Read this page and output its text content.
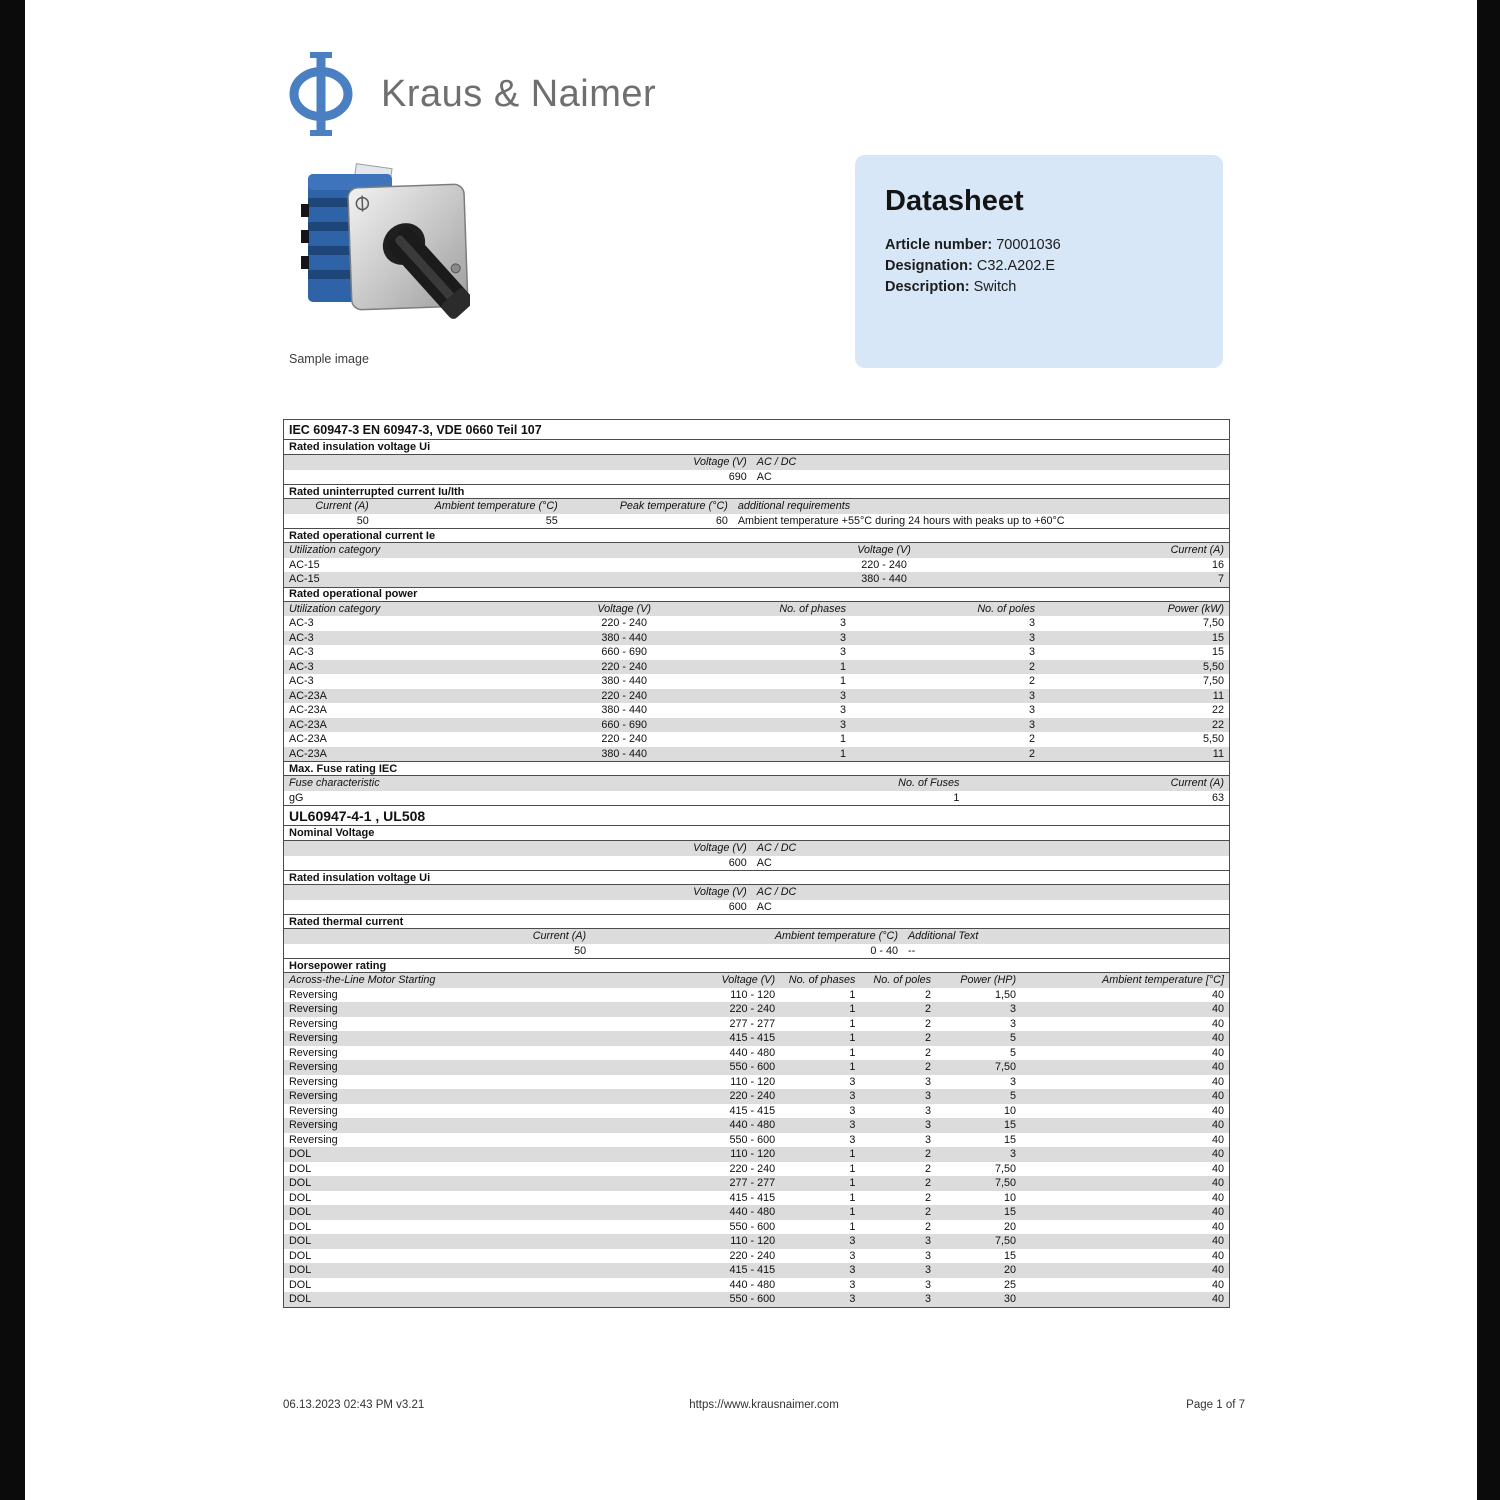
Kraus & Naimer
Sample image
Datasheet
Article number: 70001036
Designation: C32.A202.E
Description: Switch
IEC 60947-3 EN 60947-3, VDE 0660 Teil 107
Rated insulation voltage Ui
Voltage (V) AC / DC
690 AC
Rated uninterrupted current Iu/Ith
Current (A)	Ambient temperature (°C)	Peak temperature (°C) additional requirements
50	55	60 Ambient temperature +55°C during 24 hours with peaks up to +60°C
Rated operational current Ie
Utilization category	Voltage (V)	Current (A)
AC-15	220 - 240	16
AC-15	380 - 440	7
Rated operational power
Utilization category	Voltage (V)	No. of phases	No. of poles	Power (kW)
AC-3	220 - 240	3	3	7,50
AC-3	380 - 440	3	3	15
AC-3	660 - 690	3	3	15
AC-3	220 - 240	1	2	5,50
AC-3	380 - 440	1	2	7,50
AC-23A	220 - 240	3	3	11
AC-23A	380 - 440	3	3	22
AC-23A	660 - 690	3	3	22
AC-23A	220 - 240	1	2	5,50
AC-23A	380 - 440	1	2	11
Max. Fuse rating IEC
Fuse characteristic	No. of Fuses	Current (A)
gG	1	63
UL60947-4-1 , UL508
Nominal Voltage
Voltage (V) AC / DC
600 AC
Rated insulation voltage Ui
Voltage (V) AC / DC
600 AC
Rated thermal current
Current (A)	Ambient temperature (°C) Additional Text
50	0 - 40 --
Horsepower rating
Across-the-Line Motor Starting	Voltage (V)	No. of phases	No. of poles	Power (HP)	Ambient temperature [°C]
Reversing	110 - 120	1	2	1,50	40
Reversing	220 - 240	1	2	3	40
Reversing	277 - 277	1	2	3	40
Reversing	415 - 415	1	2	5	40
Reversing	440 - 480	1	2	5	40
Reversing	550 - 600	1	2	7,50	40
Reversing	110 - 120	3	3	3	40
Reversing	220 - 240	3	3	5	40
Reversing	415 - 415	3	3	10	40
Reversing	440 - 480	3	3	15	40
Reversing	550 - 600	3	3	15	40
DOL	110 - 120	1	2	3	40
DOL	220 - 240	1	2	7,50	40
DOL	277 - 277	1	2	7,50	40
DOL	415 - 415	1	2	10	40
DOL	440 - 480	1	2	15	40
DOL	550 - 600	1	2	20	40
DOL	110 - 120	3	3	7,50	40
DOL	220 - 240	3	3	15	40
DOL	415 - 415	3	3	20	40
DOL	440 - 480	3	3	25	40
DOL	550 - 600	3	3	30	40
06.13.2023 02:43 PM v3.21	https://www.krausnaimer.com	Page 1 of 7
